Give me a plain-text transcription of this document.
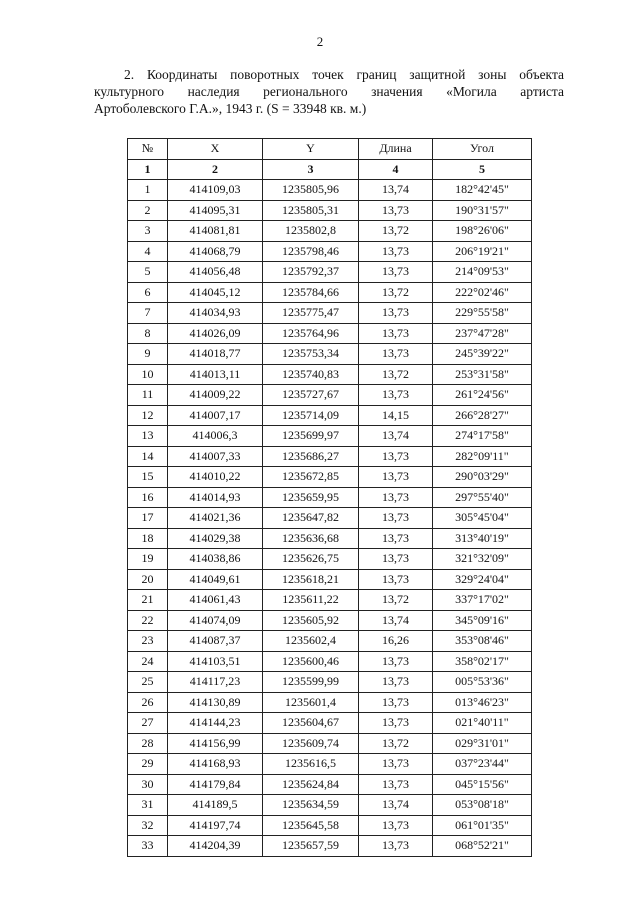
2
2. Координаты поворотных точек границ защитной зоны объекта
культурного наследия регионального значения «Могила артиста
Артоболевского Г.А.», 1943 г. (S = 33948 кв. м.)
№	X	Y	Длина	Угол
1	2	3	4	5
1	414109,03	1235805,96	13,74	182°42'45"
2	414095,31	1235805,31	13,73	190°31'57"
3	414081,81	1235802,8	13,72	198°26'06"
4	414068,79	1235798,46	13,73	206°19'21"
5	414056,48	1235792,37	13,73	214°09'53"
6	414045,12	1235784,66	13,72	222°02'46"
7	414034,93	1235775,47	13,73	229°55'58"
8	414026,09	1235764,96	13,73	237°47'28"
9	414018,77	1235753,34	13,73	245°39'22"
10	414013,11	1235740,83	13,72	253°31'58"
11	414009,22	1235727,67	13,73	261°24'56"
12	414007,17	1235714,09	14,15	266°28'27"
13	414006,3	1235699,97	13,74	274°17'58"
14	414007,33	1235686,27	13,73	282°09'11"
15	414010,22	1235672,85	13,73	290°03'29"
16	414014,93	1235659,95	13,73	297°55'40"
17	414021,36	1235647,82	13,73	305°45'04"
18	414029,38	1235636,68	13,73	313°40'19"
19	414038,86	1235626,75	13,73	321°32'09"
20	414049,61	1235618,21	13,73	329°24'04"
21	414061,43	1235611,22	13,72	337°17'02"
22	414074,09	1235605,92	13,74	345°09'16"
23	414087,37	1235602,4	16,26	353°08'46"
24	414103,51	1235600,46	13,73	358°02'17"
25	414117,23	1235599,99	13,73	005°53'36"
26	414130,89	1235601,4	13,73	013°46'23"
27	414144,23	1235604,67	13,73	021°40'11"
28	414156,99	1235609,74	13,72	029°31'01"
29	414168,93	1235616,5	13,73	037°23'44"
30	414179,84	1235624,84	13,73	045°15'56"
31	414189,5	1235634,59	13,74	053°08'18"
32	414197,74	1235645,58	13,73	061°01'35"
33	414204,39	1235657,59	13,73	068°52'21"
